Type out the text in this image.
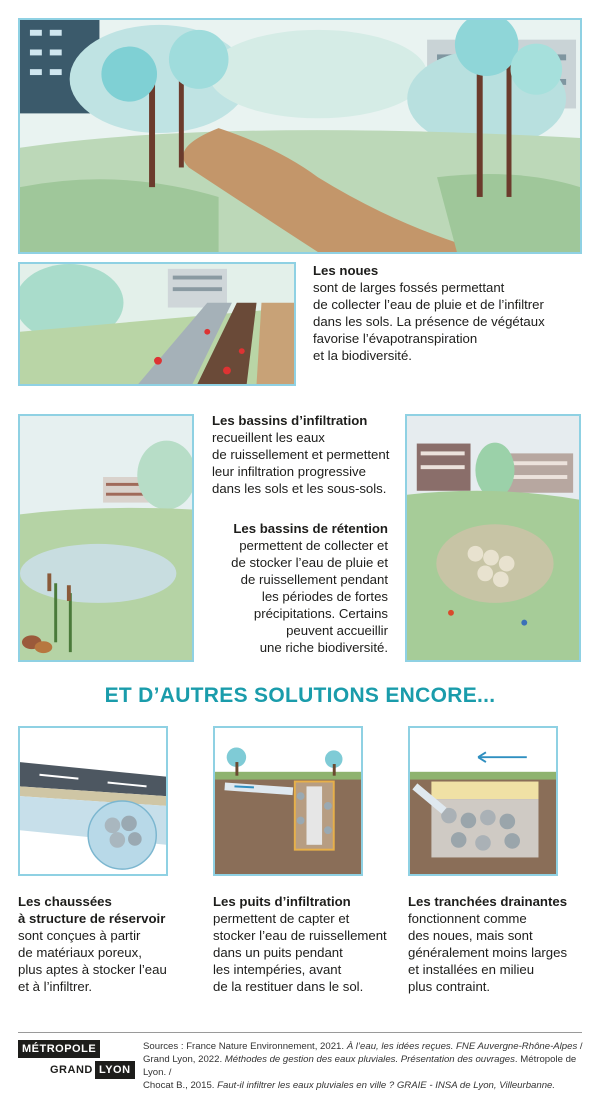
Les noues
sont de larges fossés permettant
de collecter l’eau de pluie et de l’infiltrer
dans les sols. La présence de végétaux
favorise l’évapotranspiration
et la biodiversité.
Les bassins d’infiltration
recueillent les eaux
de ruissellement et permettent
leur infiltration progressive
dans les sols et les sous-sols.
Les bassins de rétention
permettent de collecter et
de stocker l’eau de pluie et
de ruissellement pendant
les périodes de fortes
précipitations. Certains
peuvent accueillir
une riche biodiversité.
ET D’AUTRES SOLUTIONS ENCORE...
Les chaussées
à structure de réservoir
sont conçues à partir
de matériaux poreux,
plus aptes à stocker l’eau
et à l’infiltrer.
Les puits d’infiltration
permettent de capter et
stocker l’eau de ruissellement
dans un puits pendant
les intempéries, avant
de la restituer dans le sol.
Les tranchées drainantes
fonctionnent comme
des noues, mais sont
généralement moins larges
et installées en milieu
plus contraint.
MÉTROPOLE
GRAND LYON
Sources : France Nature Environnement, 2021. À l’eau, les idées reçues. FNE Auvergne-Rhône-Alpes /
Grand Lyon, 2022. Méthodes de gestion des eaux pluviales. Présentation des ouvrages. Métropole de Lyon. /
Chocat B., 2015. Faut-il infiltrer les eaux pluviales en ville ? GRAIE - INSA de Lyon, Villeurbanne.
